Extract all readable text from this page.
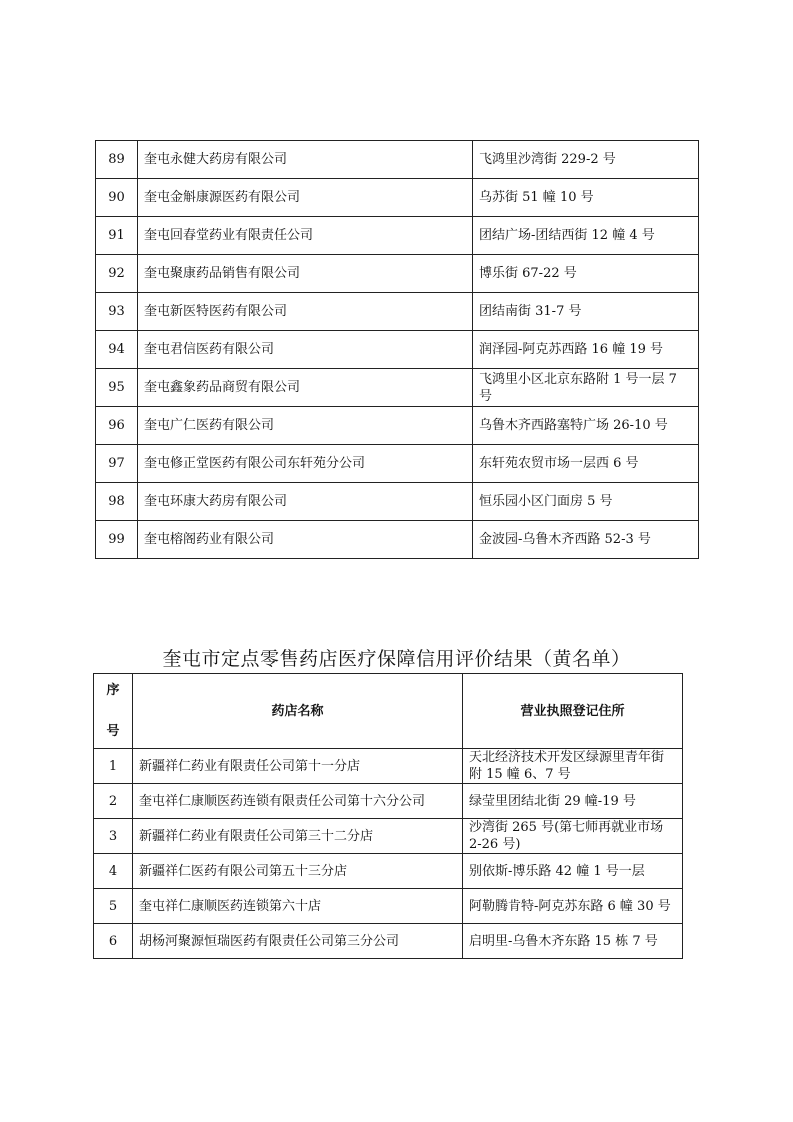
89	奎屯永健大药房有限公司	飞鸿里沙湾街 229-2 号
90	奎屯金斛康源医药有限公司	乌苏街 51 幢 10 号
91	奎屯回春堂药业有限责任公司	团结广场-团结西街 12 幢 4 号
92	奎屯聚康药品销售有限公司	博乐街 67-22 号
93	奎屯新医特医药有限公司	团结南街 31-7 号
94	奎屯君信医药有限公司	润泽园-阿克苏西路 16 幢 19 号
95	奎屯鑫象药品商贸有限公司	飞鸿里小区北京东路附 1 号一层 7 号
96	奎屯广仁医药有限公司	乌鲁木齐西路塞特广场 26-10 号
97	奎屯修正堂医药有限公司东轩苑分公司	东轩苑农贸市场一层西 6 号
98	奎屯环康大药房有限公司	恒乐园小区门面房 5 号
99	奎屯榕阁药业有限公司	金波园-乌鲁木齐西路 52-3 号
奎屯市定点零售药店医疗保障信用评价结果（黄名单）
序
号	药店名称	营业执照登记住所
1	新疆祥仁药业有限责任公司第十一分店	天北经济技术开发区绿源里青年街附 15 幢 6、7 号
2	奎屯祥仁康顺医药连锁有限责任公司第十六分公司	绿莹里团结北街 29 幢-19 号
3	新疆祥仁药业有限责任公司第三十二分店	沙湾街 265 号(第七师再就业市场 2-26 号)
4	新疆祥仁医药有限公司第五十三分店	别依斯-博乐路 42 幢 1 号一层
5	奎屯祥仁康顺医药连锁第六十店	阿勒腾肯特-阿克苏东路 6 幢 30 号
6	胡杨河聚源恒瑞医药有限责任公司第三分公司	启明里-乌鲁木齐东路 15 栋 7 号
